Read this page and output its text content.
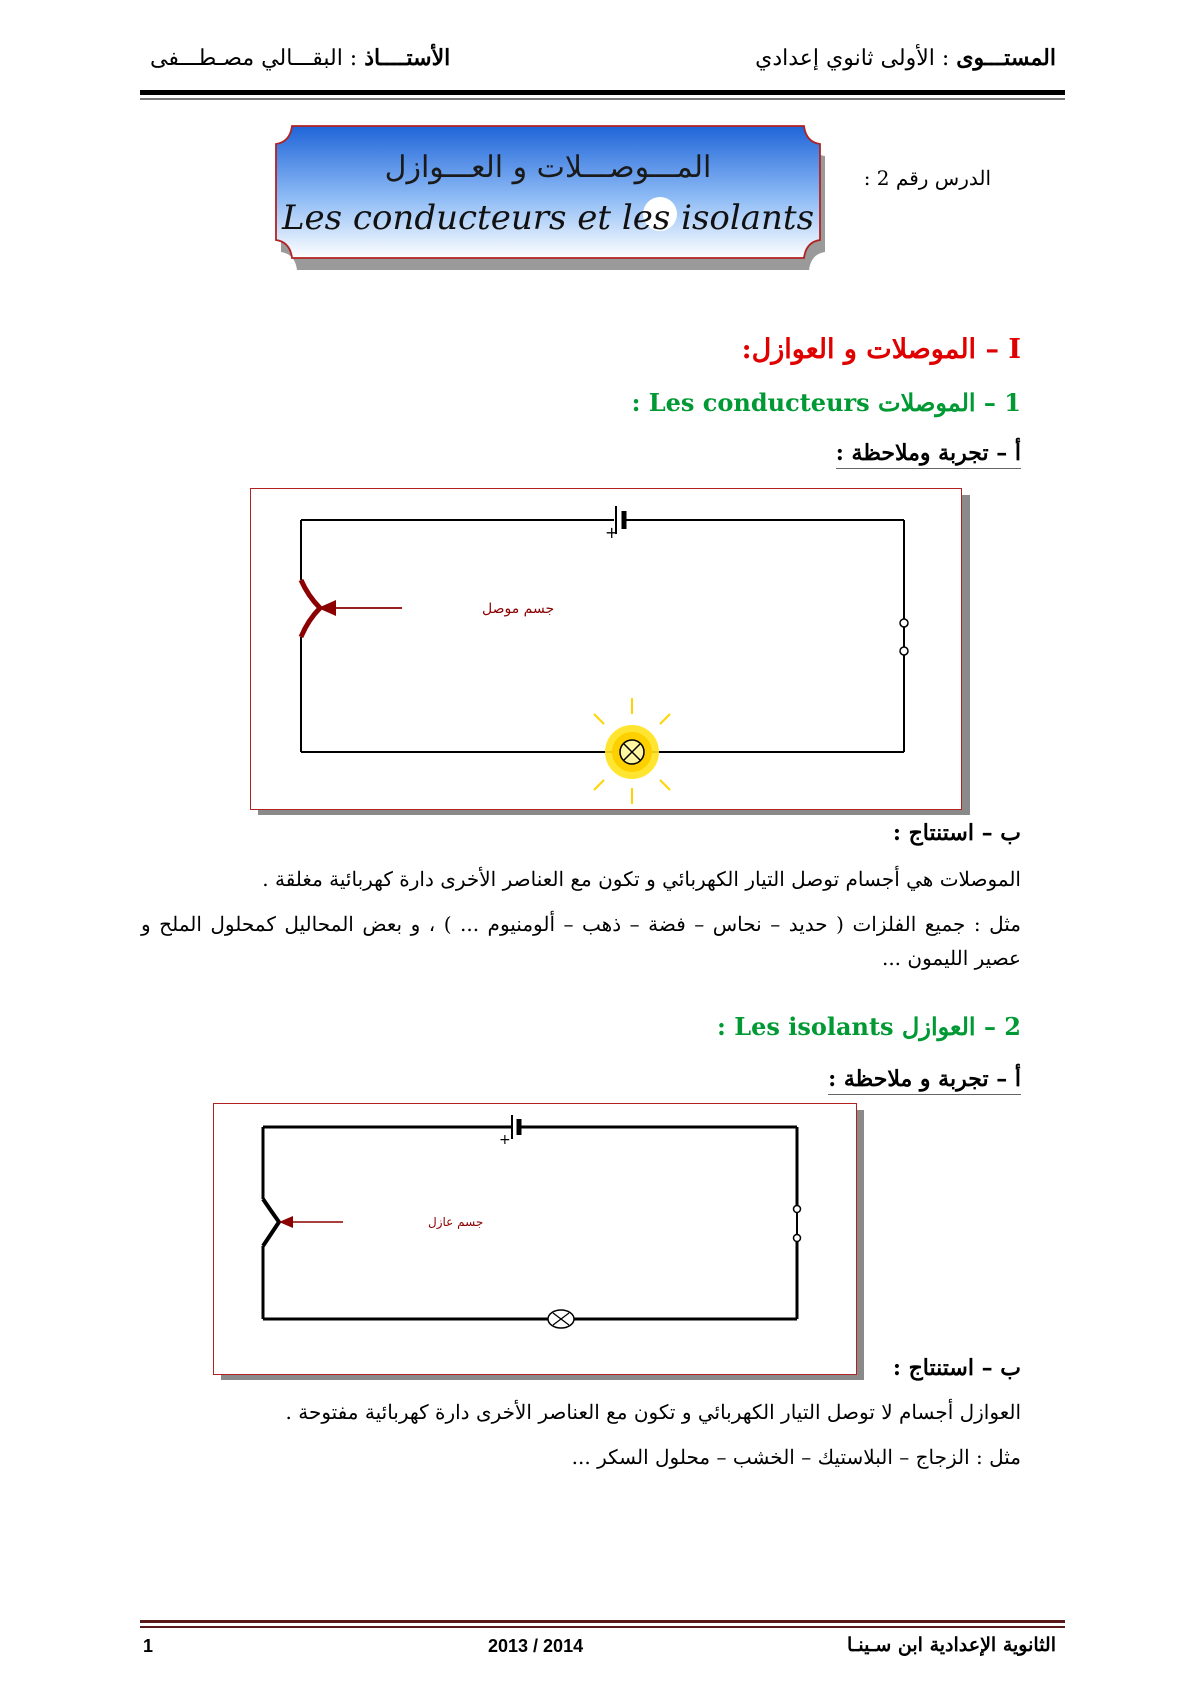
المستـــوى : الأولى ثانوي إعدادي
الأستــــاذ : البقـــالي مصـطـــفى
المـــوصـــلات و العـــوازل
Les conducteurs et les isolants
الدرس رقم 2 :
I – الموصلات و العوازل:
1 – الموصلات Les conducteurs :
أ – تجربة وملاحظة :
+
جسم موصل
ب – استنتاج :
الموصلات هي أجسام توصل التيار الكهربائي و تكون مع العناصر الأخرى دارة كهربائية مغلقة .
مثل : جميع الفلزات ( حديد – نحاس – فضة – ذهب – ألومنيوم ... ) ، و بعض المحاليل كمحلول الملح و عصير الليمون ...
2 – العوازل Les isolants :
أ – تجربة و ملاحظة :
+
جسم عازل
ب – استنتاج :
العوازل أجسام لا توصل التيار الكهربائي و تكون مع العناصر الأخرى دارة كهربائية مفتوحة .
مثل : الزجاج – البلاستيك – الخشب – محلول السكر ...
1	2013 / 2014	الثانوية الإعدادية ابن سـينـا
